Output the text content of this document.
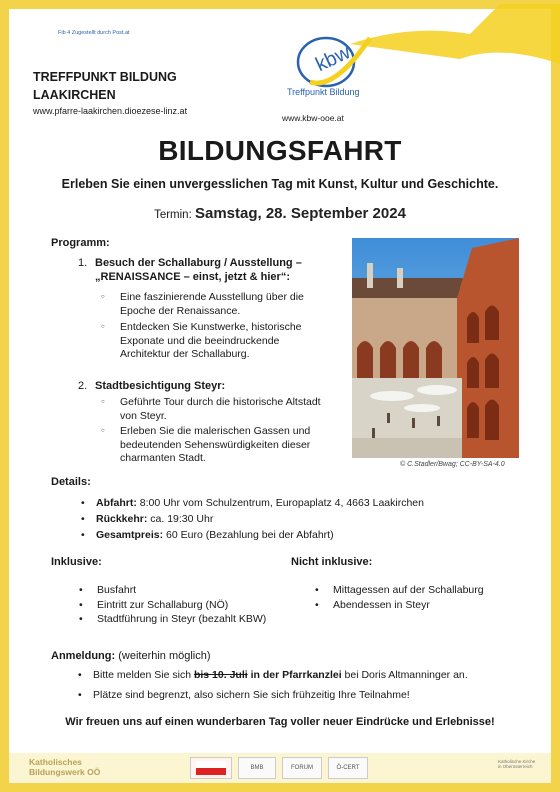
Fib 4 Zugestellt durch Post.at
TREFFPUNKT BILDUNG
LAAKIRCHEN
www.pfarre-laakirchen.dioezese-linz.at
kbw
Treffpunkt Bildung
www.kbw-ooe.at
BILDUNGSFAHRT
Erleben Sie einen unvergesslichen Tag mit Kunst, Kultur und Geschichte.
Termin: Samstag, 28. September 2024
Programm:
1. Besuch der Schallaburg / Ausstellung –
„RENAISSANCE – einst, jetzt & hier“:
○ Eine faszinierende Ausstellung über die
Epoche der Renaissance.
○ Entdecken Sie Kunstwerke, historische
Exponate und die beeindruckende
Architektur der Schallaburg.
2. Stadtbesichtigung Steyr:
○ Geführte Tour durch die historische Altstadt
von Steyr.
○ Erleben Sie die malerischen Gassen und
bedeutenden Sehenswürdigkeiten dieser
charmanten Stadt.
© C.Stadler/Bwag; CC-BY-SA-4.0
Details:
• Abfahrt: 8:00 Uhr vom Schulzentrum, Europaplatz 4, 4663 Laakirchen
• Rückkehr: ca. 19:30 Uhr
• Gesamtpreis: 60 Euro (Bezahlung bei der Abfahrt)
Inklusive:	Nicht inklusive:
• Busfahrt
• Eintritt zur Schallaburg (NÖ)
• Stadtführung in Steyr (bezahlt KBW)
• Mittagessen auf der Schallaburg
• Abendessen in Steyr
Anmeldung: (weiterhin möglich)
• Bitte melden Sie sich bis 10. Juli in der Pfarrkanzlei bei Doris Altmanninger an.
• Plätze sind begrenzt, also sichern Sie sich frühzeitig Ihre Teilnahme!
Wir freuen uns auf einen wunderbaren Tag voller neuer Eindrücke und Erlebnisse!
Katholisches
Bildungswerk OÖ	BMB	FORUM	Ö-CERT
Katholische Kirche in Oberösterreich
